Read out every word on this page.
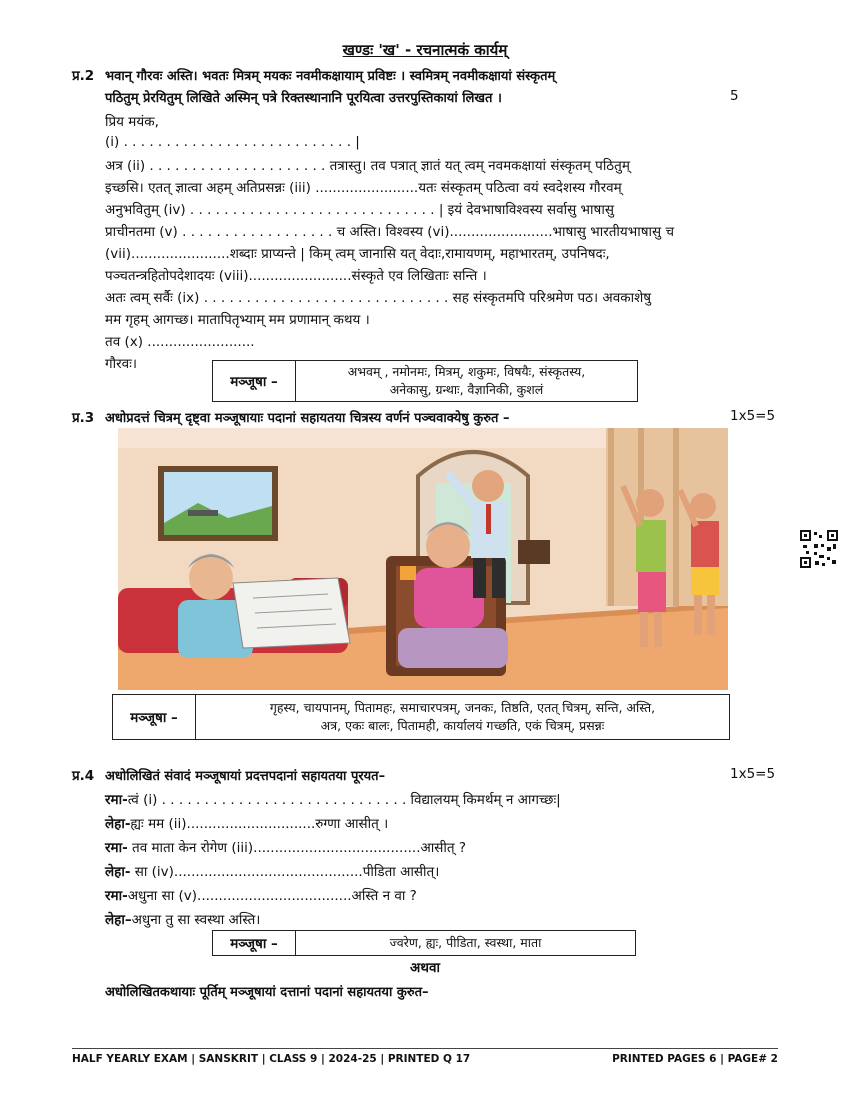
खण्डः 'ख' - रचनात्मकं कार्यम्
प्र.2 भवान् गौरवः अस्ति। भवतः मित्रम् मयकः नवमीकक्षायाम् प्रविष्टः । स्वमित्रम् नवमीकक्षायां संस्कृतम्
पठितुम् प्रेरयितुम् लिखिते अस्मिन् पत्रे रिक्तस्थानानि पूरयित्वा उत्तरपुस्तिकायां लिखत ।	5
प्रिय मयंक,
(i) . . . . . . . . . . . . . . . . . . . . . . . . . . . |
अत्र (ii) . . . . . . . . . . . . . . . . . . . . . तत्रास्तु। तव पत्रात् ज्ञातं यत् त्वम् नवमकक्षायां संस्कृतम् पठितुम्
इच्छसि। एतत् ज्ञात्वा अहम् अतिप्रसन्नः (iii) ........................यतः संस्कृतम् पठित्वा वयं स्वदेशस्य गौरवम्
अनुभवितुम् (iv) . . . . . . . . . . . . . . . . . . . . . . . . . . . . . | इयं देवभाषाविश्वस्य सर्वासु भाषासु
प्राचीनतमा (v) . . . . . . . . . . . . . . . . . . च अस्ति। विश्वस्य (vi)........................भाषासु भारतीयभाषासु च
(vii).......................शब्दाः प्राप्यन्ते | किम् त्वम् जानासि यत् वेदाः,रामायणम्, महाभारतम्, उपनिषदः,
पञ्चतन्त्रहितोपदेशादयः (viii)........................संस्कृते एव लिखिताः सन्ति ।
अतः त्वम् सर्वैः (ix) . . . . . . . . . . . . . . . . . . . . . . . . . . . . . सह संस्कृतमपि परिश्रमेण पठ। अवकाशेषु
मम गृहम् आगच्छ। मातापितृभ्याम् मम प्रणामान् कथय ।
तव (x) .........................
गौरवः।
मञ्जूषा –
अभवम् , नमोनमः, मित्रम्, शकुमः, विषयैः, संस्कृतस्य,
अनेकासु, ग्रन्थाः, वैज्ञानिकी, कुशलं
प्र.3 अधोप्रदत्तं चित्रम् दृष्ट्वा मञ्जूषायाः पदानां सहायतया चित्रस्य वर्णनं पञ्चवाक्येषु कुरुत –	1x5=5
मञ्जूषा –
गृहस्य, चायपानम्, पितामहः, समाचारपत्रम्, जनकः, तिष्ठति, एतत् चित्रम्, सन्ति, अस्ति,
अत्र, एकः बालः, पितामही, कार्यालयं गच्छति, एकं चित्रम्, प्रसन्नः
प्र.4 अधोलिखितं संवादं मञ्जूषायां प्रदत्तपदानां सहायतया पूरयत–	1x5=5
रमा-त्वं (i) . . . . . . . . . . . . . . . . . . . . . . . . . . . . . विद्यालयम् किमर्थम् न आगच्छः|
लेहा-ह्यः मम (ii)..............................रुग्णा आसीत् ।
रमा- तव माता केन रोगेण (iii).......................................आसीत् ?
लेहा- सा (iv)............................................पीडिता आसीत्।
रमा-अधुना सा (v)....................................अस्ति न वा ?
लेहा–अधुना तु सा स्वस्था अस्ति।
मञ्जूषा –	ज्वरेण, ह्यः, पीडिता, स्वस्था, माता
अथवा
अधोलिखितकथायाः पूर्तिम् मञ्जूषायां दत्तानां पदानां सहायतया कुरुत–
HALF YEARLY EXAM | SANSKRIT | CLASS 9 | 2024-25 | PRINTED Q 17	PRINTED PAGES 6 | PAGE# 2
